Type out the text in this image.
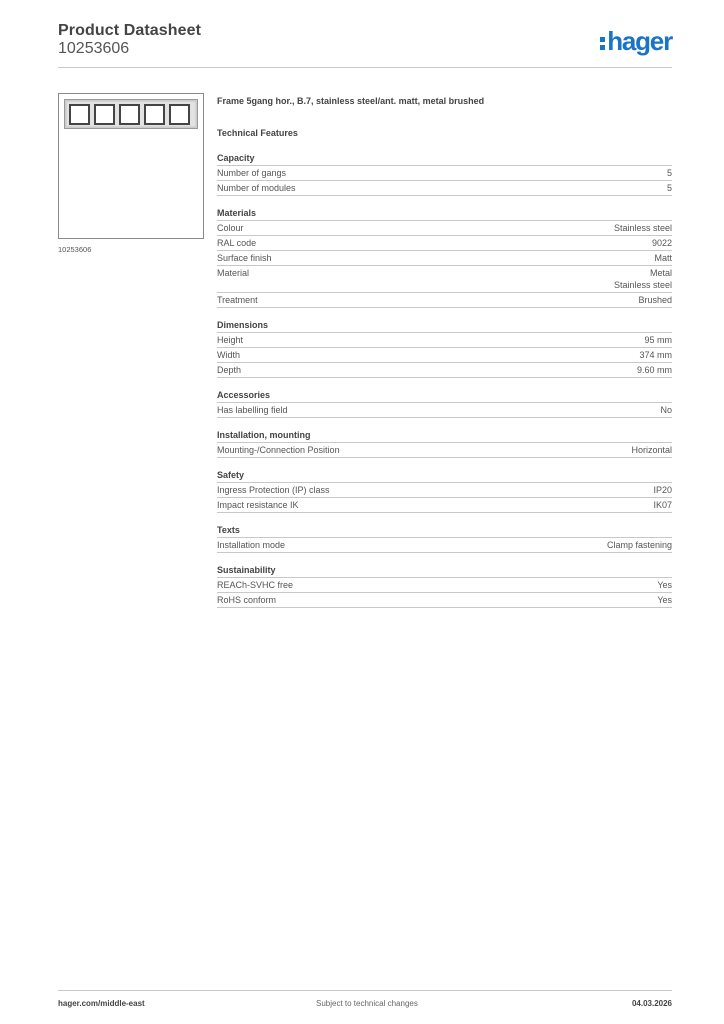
Product Datasheet
10253606	hager
10253606
Frame 5gang hor., B.7, stainless steel/ant. matt, metal brushed
Technical Features
Capacity
Number of gangs	5
Number of modules	5
Materials
Colour	Stainless steel
RAL code	9022
Surface finish	Matt
Material	Metal
Stainless steel
Treatment	Brushed
Dimensions
Height	95 mm
Width	374 mm
Depth	9.60 mm
Accessories
Has labelling field	No
Installation, mounting
Mounting-/Connection Position	Horizontal
Safety
Ingress Protection (IP) class	IP20
Impact resistance IK	IK07
Texts
Installation mode	Clamp fastening
Sustainability
REACh-SVHC free	Yes
RoHS conform	Yes
hager.com/middle-east	Subject to technical changes	04.03.2026
